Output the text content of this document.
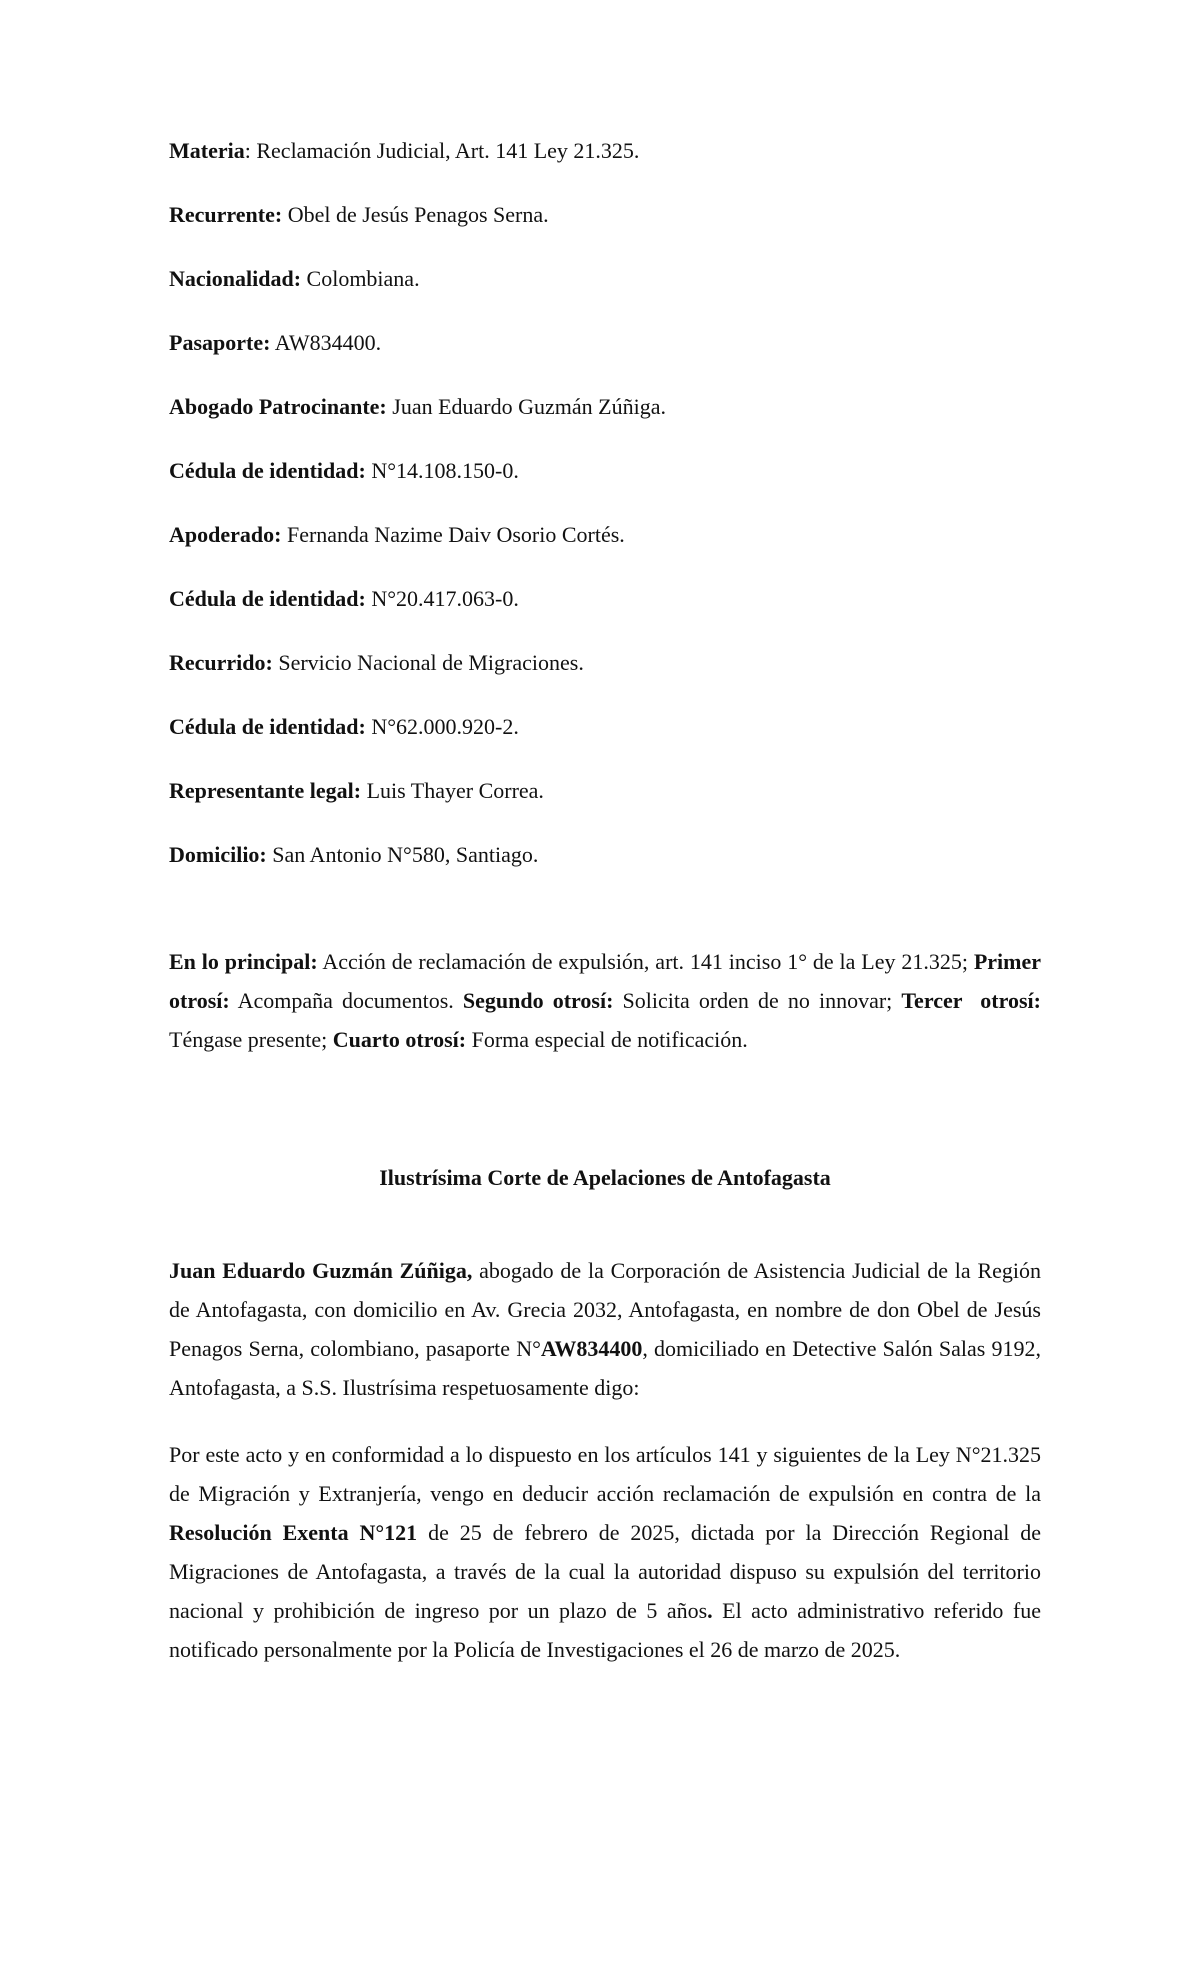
Materia: Reclamación Judicial, Art. 141 Ley 21.325.
Recurrente: Obel de Jesús Penagos Serna.
Nacionalidad: Colombiana.
Pasaporte: AW834400.
Abogado Patrocinante: Juan Eduardo Guzmán Zúñiga.
Cédula de identidad: N°14.108.150-0.
Apoderado: Fernanda Nazime Daiv Osorio Cortés.
Cédula de identidad: N°20.417.063-0.
Recurrido: Servicio Nacional de Migraciones.
Cédula de identidad: N°62.000.920-2.
Representante legal: Luis Thayer Correa.
Domicilio: San Antonio N°580, Santiago.
En lo principal: Acción de reclamación de expulsión, art. 141 inciso 1° de la Ley 21.325; Primer otrosí: Acompaña documentos. Segundo otrosí: Solicita orden de no innovar; Tercer  otrosí: Téngase presente; Cuarto otrosí: Forma especial de notificación.
Ilustrísima Corte de Apelaciones de Antofagasta
Juan Eduardo Guzmán Zúñiga, abogado de la Corporación de Asistencia Judicial de la Región de Antofagasta, con domicilio en Av. Grecia 2032, Antofagasta, en nombre de don Obel de Jesús Penagos Serna, colombiano, pasaporte N°AW834400, domiciliado en Detective Salón Salas 9192, Antofagasta, a S.S. Ilustrísima respetuosamente digo:
Por este acto y en conformidad a lo dispuesto en los artículos 141 y siguientes de la Ley N°21.325 de Migración y Extranjería, vengo en deducir acción reclamación de expulsión en contra de la Resolución Exenta N°121 de 25 de febrero de 2025, dictada por la Dirección Regional de Migraciones de Antofagasta, a través de la cual la autoridad dispuso su expulsión del territorio nacional y prohibición de ingreso por un plazo de 5 años. El acto administrativo referido fue notificado personalmente por la Policía de Investigaciones el 26 de marzo de 2025.
